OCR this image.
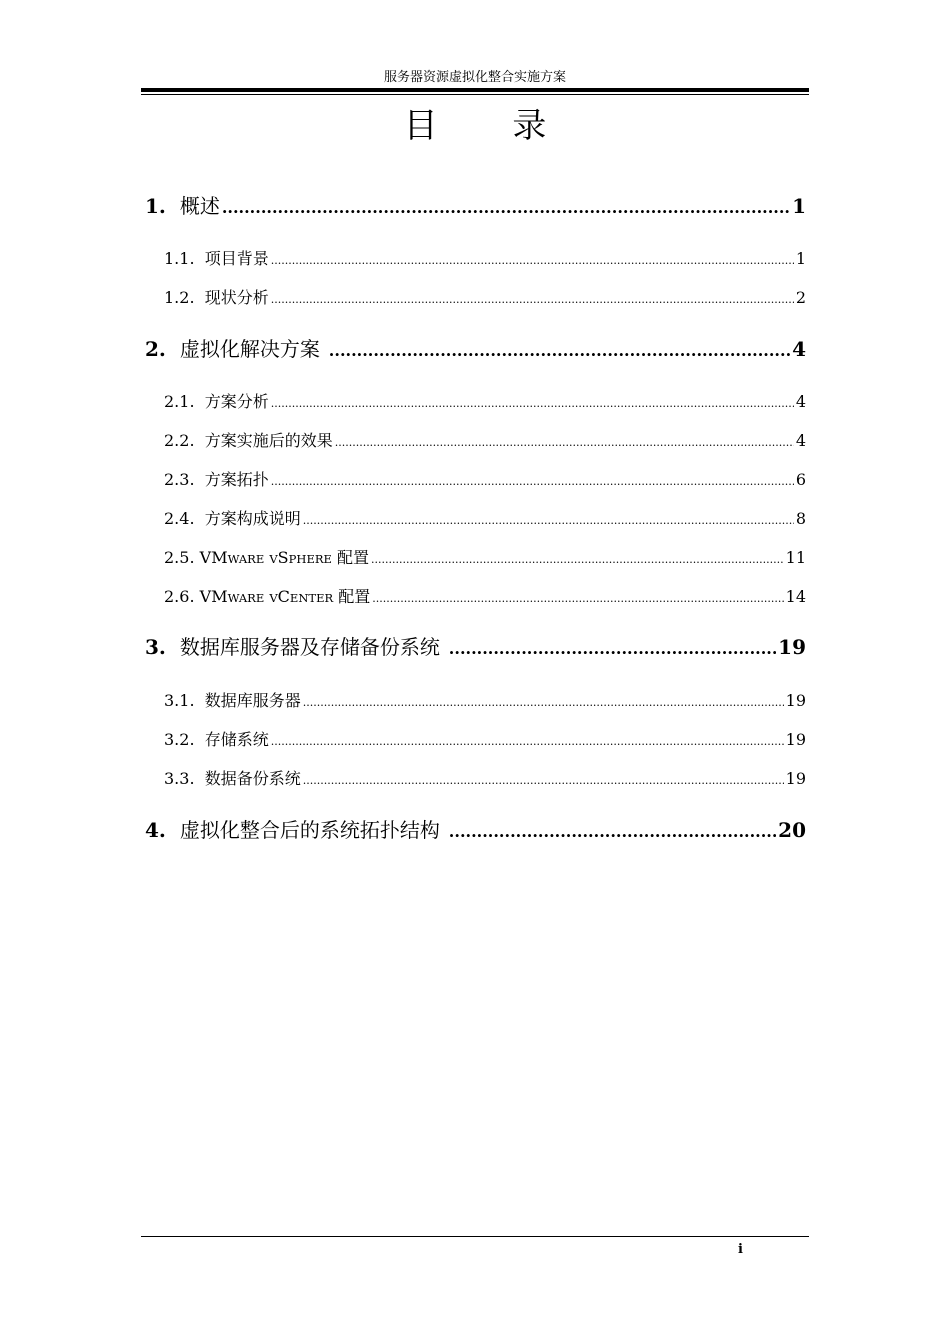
服务器资源虚拟化整合实施方案
目 录
1. 概述 .....	1
1.1. 项目背景 .....	1
1.2. 现状分析 .....	2
2. 虚拟化解决方案 .....	4
2.1. 方案分析 .....	4
2.2. 方案实施后的效果 .....	4
2.3. 方案拓扑 .....	6
2.4. 方案构成说明 .....	8
2.5. VMWARE VSPHERE 配置 .....	11
2.6. VMWARE VCENTER 配置 .....	14
3. 数据库服务器及存储备份系统 .....	19
3.1. 数据库服务器 .....	19
3.2. 存储系统 .....	19
3.3. 数据备份系统 .....	19
4. 虚拟化整合后的系统拓扑结构 .....	20
i
